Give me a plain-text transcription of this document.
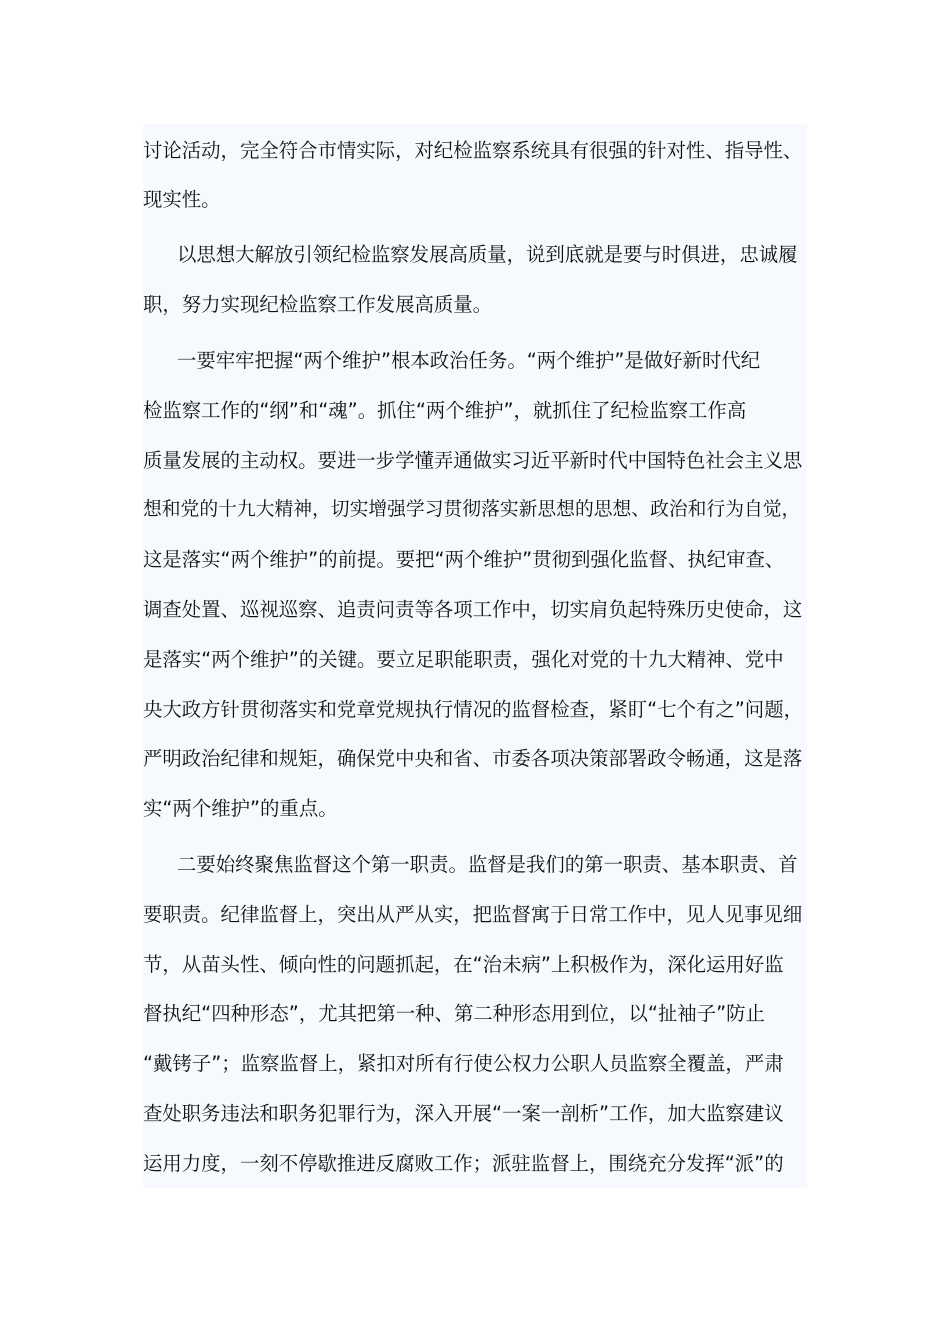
讨论活动，完全符合市情实际，对纪检监察系统具有很强的针对性、指导性、
现实性。
以思想大解放引领纪检监察发展高质量，说到底就是要与时俱进，忠诚履
职，努力实现纪检监察工作发展高质量。
一要牢牢把握“两个维护”根本政治任务。“两个维护”是做好新时代纪
检监察工作的“纲”和“魂”。抓住“两个维护”，就抓住了纪检监察工作高
质量发展的主动权。要进一步学懂弄通做实习近平新时代中国特色社会主义思
想和党的十九大精神，切实增强学习贯彻落实新思想的思想、政治和行为自觉，
这是落实“两个维护”的前提。要把“两个维护”贯彻到强化监督、执纪审查、
调查处置、巡视巡察、追责问责等各项工作中，切实肩负起特殊历史使命，这
是落实“两个维护”的关键。要立足职能职责，强化对党的十九大精神、党中
央大政方针贯彻落实和党章党规执行情况的监督检查，紧盯“七个有之”问题，
严明政治纪律和规矩，确保党中央和省、市委各项决策部署政令畅通，这是落
实“两个维护”的重点。
二要始终聚焦监督这个第一职责。监督是我们的第一职责、基本职责、首
要职责。纪律监督上，突出从严从实，把监督寓于日常工作中，见人见事见细
节，从苗头性、倾向性的问题抓起，在“治未病”上积极作为，深化运用好监
督执纪“四种形态”，尤其把第一种、第二种形态用到位，以“扯袖子”防止
“戴铐子”；监察监督上，紧扣对所有行使公权力公职人员监察全覆盖，严肃
查处职务违法和职务犯罪行为，深入开展“一案一剖析”工作，加大监察建议
运用力度，一刻不停歇推进反腐败工作；派驻监督上，围绕充分发挥“派”的
